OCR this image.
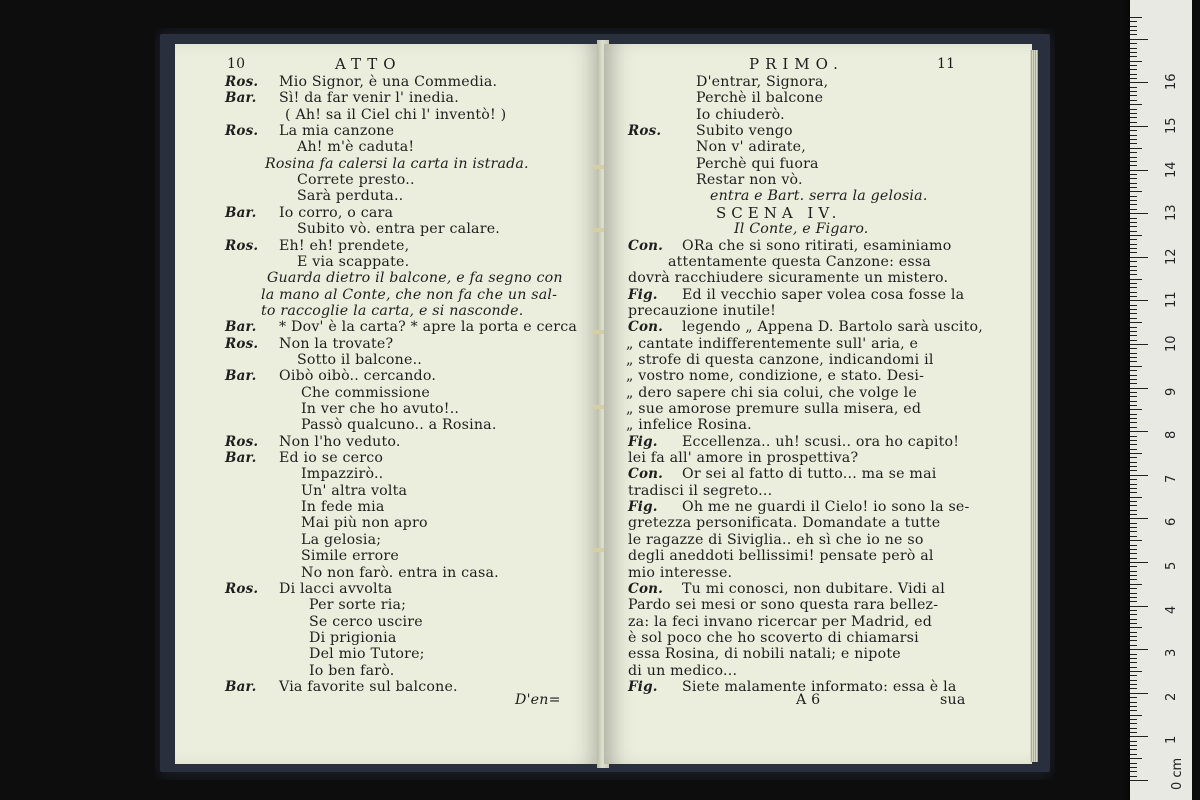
10	ATTO
Ros. Mio Signor, è una Commedia.
Bar. Sì! da far venir l' inedia.
( Ah! sa il Ciel chi l' inventò! )
Ros. La mia canzone
Ah! m'è caduta!
Rosina fa calersi la carta in istrada.
Correte presto..
Sarà perduta..
Bar. Io corro, o cara
Subito vò. entra per calare.
Ros. Eh! eh! prendete,
E via scappate.
Guarda dietro il balcone, e fa segno con
la mano al Conte, che non fa che un sal-
to raccoglie la carta, e si nasconde.
Bar. * Dov' è la carta? * apre la porta e cerca
Ros. Non la trovate?
Sotto il balcone..
Bar. Oibò oibò.. cercando.
Che commissione
In ver che ho avuto!..
Passò qualcuno.. a Rosina.
Ros. Non l'ho veduto.
Bar. Ed io se cerco
Impazzirò..
Un' altra volta
In fede mia
Mai più non apro
La gelosia;
Simile errore
No non farò. entra in casa.
Ros. Di lacci avvolta
Per sorte ria;
Se cerco uscire
Di prigionia
Del mio Tutore;
Io ben farò.
Bar. Via favorite sul balcone.
D'en=
PRIMO.	11
D'entrar, Signora,
Perchè il balcone
Io chiuderò.
Ros. Subito vengo
Non v' adirate,
Perchè qui fuora
Restar non vò.
entra e Bart. serra la gelosia.
SCENA IV.
Il Conte, e Figaro.
Con. ORa che si sono ritirati, esaminiamo
attentamente questa Canzone: essa
dovrà racchiudere sicuramente un mistero.
Fig. Ed il vecchio saper volea cosa fosse la
precauzione inutile!
Con. legendo „ Appena D. Bartolo sarà uscito,
„ cantate indifferentemente sull' aria, e
„ strofe di questa canzone, indicandomi il
„ vostro nome, condizione, e stato. Desi-
„ dero sapere chi sia colui, che volge le
„ sue amorose premure sulla misera, ed
„ infelice Rosina.
Fig. Eccellenza.. uh! scusi.. ora ho capito!
lei fa all' amore in prospettiva?
Con. Or sei al fatto di tutto... ma se mai
tradisci il segreto...
Fig. Oh me ne guardi il Cielo! io sono la se-
gretezza personificata. Domandate a tutte
le ragazze di Siviglia.. eh sì che io ne so
degli aneddoti bellissimi! pensate però al
mio interesse.
Con. Tu mi conosci, non dubitare. Vidi al
Pardo sei mesi or sono questa rara bellez-
za: la feci invano ricercar per Madrid, ed
è sol poco che ho scoverto di chiamarsi
essa Rosina, di nobili natali; e nipote
di un medico...
Fig. Siete malamente informato: essa è la
A 6	sua
0 cm
1
2
3
4
5
6
7
8
9
10
11
12
13
14
15
16
